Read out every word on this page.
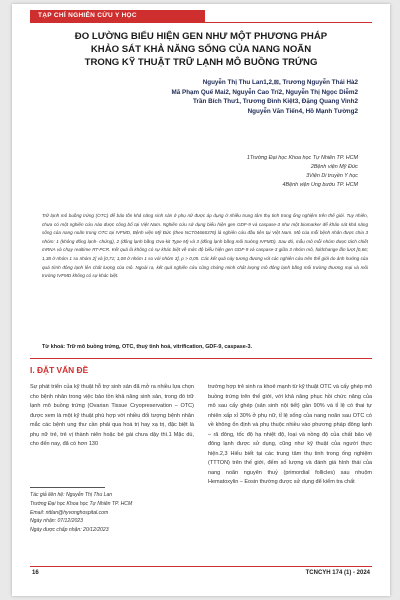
TẠP CHÍ NGHIÊN CỨU Y HỌC
ĐO LƯỜNG BIỂU HIỆN GEN NHƯ MỘT PHƯƠNG PHÁP
KHẢO SÁT KHẢ NĂNG SỐNG CỦA NANG NOÃN
TRONG KỸ THUẬT TRỮ LẠNH MÔ BUỒNG TRỨNG
Nguyễn Thị Thu Lan1,2,⊠, Trương Nguyễn Thái Hà2
Mã Phạm Quế Mai2, Nguyễn Cao Trí2, Nguyễn Thị Ngọc Diễm2
Trần Bích Thư1, Trương Đình Kiệt3, Đặng Quang Vinh2
Nguyễn Văn Tiến4, Hồ Mạnh Tường2
1Trường Đại học Khoa học Tự Nhiên TP. HCM
2Bệnh viện Mỹ Đức
3Viện Di truyền Y học
4Bệnh viện Ung bướu TP. HCM
Trữ lạnh mô buồng trứng (OTC) để bảo tồn khả năng sinh sản ở phụ nữ được áp dụng ở nhiều trung tâm thụ tinh trong ống nghiệm trên thế giới. Tuy nhiên, chưa có một nghiên cứu nào được công bố tại Việt Nam. Nghiên cứu sử dụng biểu hiện gen GDF-9 và caspase-3 như một biomarker để khảo sát khả năng sống của nang noãn trong OTC tại IVFMD, Bệnh viện Mỹ Đức (theo NCT04666376) là nghiên cứu đầu tiên tại Việt Nam. Mô của mỗi bệnh nhân được chia 3 nhóm: 1 (không đông lạnh- chứng), 2 (đông lạnh bằng Ova-kit Type M) và 3 (đông lạnh bằng môi trường IVFMD). Sau đó, mẫu mô mỗi nhóm được tách chiết mRNA và chạy realtime RT-PCR. Kết quả là không có sự khác biệt về mức độ biểu hiện gen GDF-9 và caspase-3 giữa 3 nhóm mô, foldchange lần lượt [0,66; 1,38 ở nhóm 1 so nhóm 2] và [0,71; 1,08 ở nhóm 1 so với nhóm 3], p > 0,05. Các kết quả này tương đương với các nghiên cứu trên thế giới do ảnh hưởng của quá trình đông lạnh lên chất lượng của mô. Ngoài ra, kết quả nghiên cứu cũng chứng minh chất lượng mô đông lạnh bằng môi trường thương mại và môi trường IVFMD không có sự khác biệt.
Từ khoá: Trữ mô buồng trứng, OTC, thuỷ tinh hoá, vitrification, GDF-9, caspase-3.
I. ĐẶT VẤN ĐỀ
Sự phát triển của kỹ thuật hỗ trợ sinh sản đã mở ra nhiều lựa chọn cho bệnh nhân trong việc bảo tồn khả năng sinh sản, trong đó trữ lạnh mô buồng trứng (Ovarian Tissue Cryopreservation – OTC) được xem là một kỹ thuật phù hợp với nhiều đối tượng bệnh nhân mắc các bệnh ung thư cần phải qua hoá trị hay xạ trị, đặc biệt là phụ nữ trẻ, trẻ vị thành niên hoặc bé gái chưa dậy thì.1 Mặc dù, cho đến nay, đã có hơn 130
trường hợp trẻ sinh ra khoẻ mạnh từ kỹ thuật OTC và cấy ghép mô buồng trứng trên thế giới, với khả năng phục hồi chức năng của mô sau cấy ghép (sản sinh nội tiết) gần 90% và tỉ lệ có thai tự nhiên xấp xỉ 30% ở phụ nữ, tỉ lệ sống của nang noãn sau OTC có về không ổn định và phụ thuộc nhiều vào phương pháp đông lạnh – rã đông, tốc độ hạ nhiệt độ, loại và nồng độ của chất bảo vệ đông lạnh được sử dụng, cũng như kỹ thuật của người thực hiện.2,3 Hiểu biết tại các trung tâm thụ tinh trong ống nghiệm (TTTON) trên thế giới, đếm số lượng và đánh giá hình thái của nang noãn nguyên thuỷ (primordial follicles) sau nhuộm Hematoxylin – Eosin thường được sử dụng để kiểm tra chất
Tác giả liên hệ: Nguyễn Thị Thu Lan
Trường Đại học Khoa học Tự Nhiên TP. HCM
Email: nttlan@hyvonghospital.com
Ngày nhận: 07/12/2023
Ngày được chấp nhận: 20/12/2023
16	TCNCYH 174 (1) - 2024
